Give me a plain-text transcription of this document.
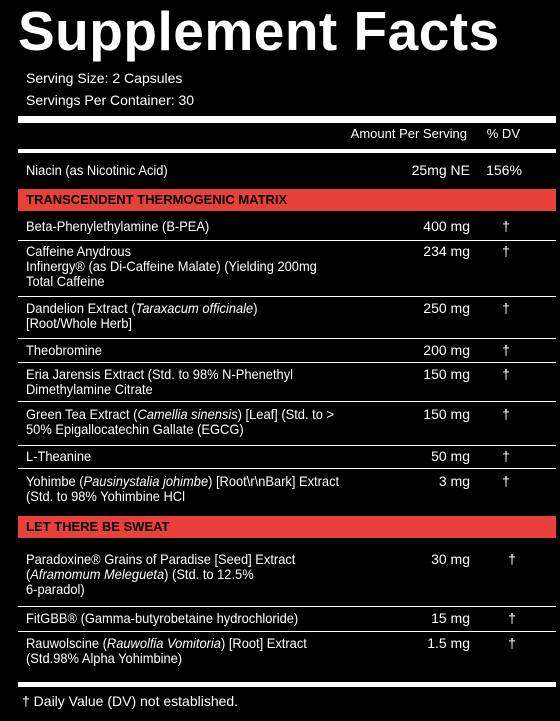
Supplement Facts
Serving Size: 2 Capsules
Servings Per Container: 30
Amount Per Serving % DV
Niacin (as Nicotinic Acid)	25mg NE	156%
TRANSCENDENT THERMOGENIC MATRIX
Beta-Phenylethylamine (B-PEA)	400 mg	†
Caffeine Anydrous
Infinergy® (as Di-Caffeine Malate) (Yielding 200mg
Total Caffeine
234 mg	†
Dandelion Extract (Taraxacum officinale)
[Root/Whole Herb]
250 mg	†
Theobromine	200 mg	†
Eria Jarensis Extract (Std. to 98% N-Phenethyl
Dimethylamine Citrate
150 mg	†
Green Tea Extract (Camellia sinensis) [Leaf] (Std. to >
50% Epigallocatechin Gallate (EGCG)
150 mg	†
L-Theanine	50 mg	†
Yohimbe (Pausinystalia johimbe) [Root\r\nBark] Extract
(Std. to 98% Yohimbine HCl
3 mg	†
LET THERE BE SWEAT
Paradoxine® Grains of Paradise [Seed] Extract
(Aframomum Melegueta) (Std. to 12.5%
6-paradol)
30 mg	†
FitGBB® (Gamma-butyrobetaine hydrochloride)	15 mg	†
Rauwolscine (Rauwolfia Vomitoria) [Root] Extract
(Std.98% Alpha Yohimbine)
1.5 mg	†
† Daily Value (DV) not established.
